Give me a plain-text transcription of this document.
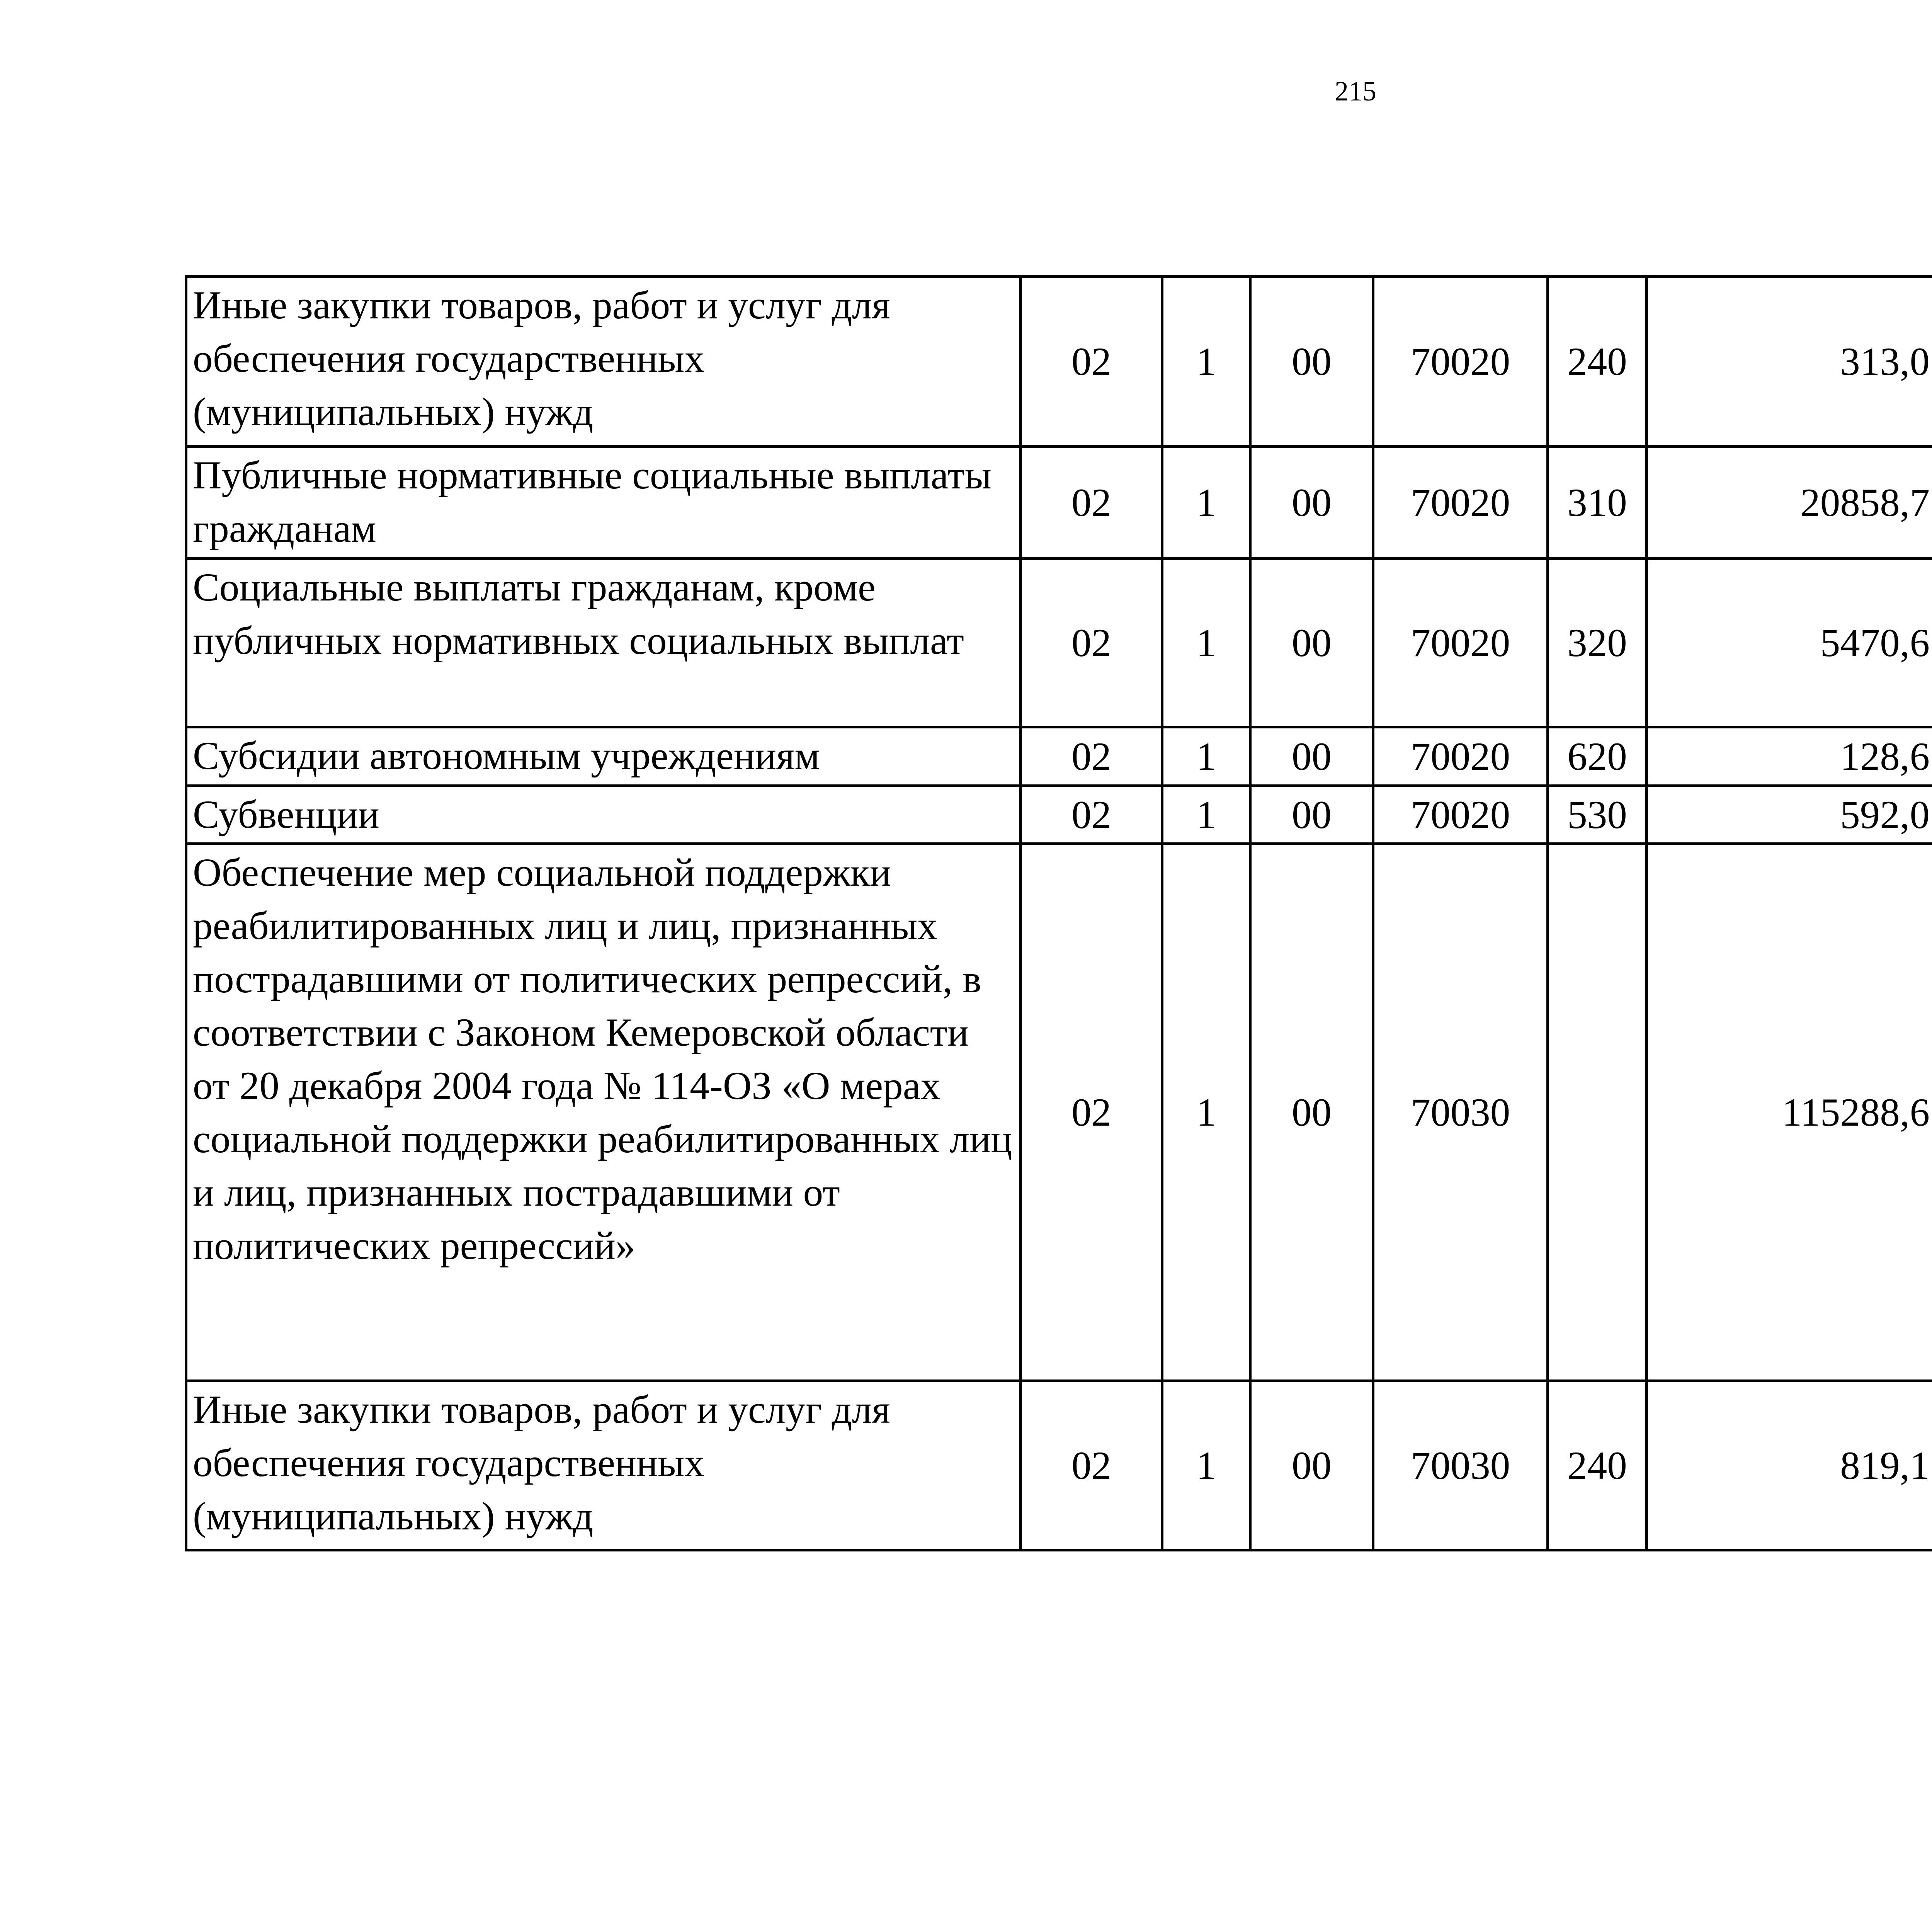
215
Иные закупки товаров, работ и услуг для обеспечения государственных (муниципальных) нужд	02	1	00	70020	240	313,0		
Публичные нормативные социальные выплаты гражданам	02	1	00	70020	310	20858,7		
Социальные выплаты гражданам, кроме публичных нормативных социальных выплат	02	1	00	70020	320	5470,6		
Субсидии автономным учреждениям	02	1	00	70020	620	128,6		
Субвенции	02	1	00	70020	530	592,0		
Обеспечение мер социальной поддержки реабилитированных лиц и лиц, признанных пострадавшими от политических репрессий, в соответствии с Законом Кемеровской области от 20 декабря 2004 года № 114-ОЗ «О мерах социальной поддержки реабилитированных лиц и лиц, признанных пострадавшими от политических репрессий»	02	1	00	70030		115288,6		
Иные закупки товаров, работ и услуг для обеспечения государственных (муниципальных) нужд	02	1	00	70030	240	819,1		
